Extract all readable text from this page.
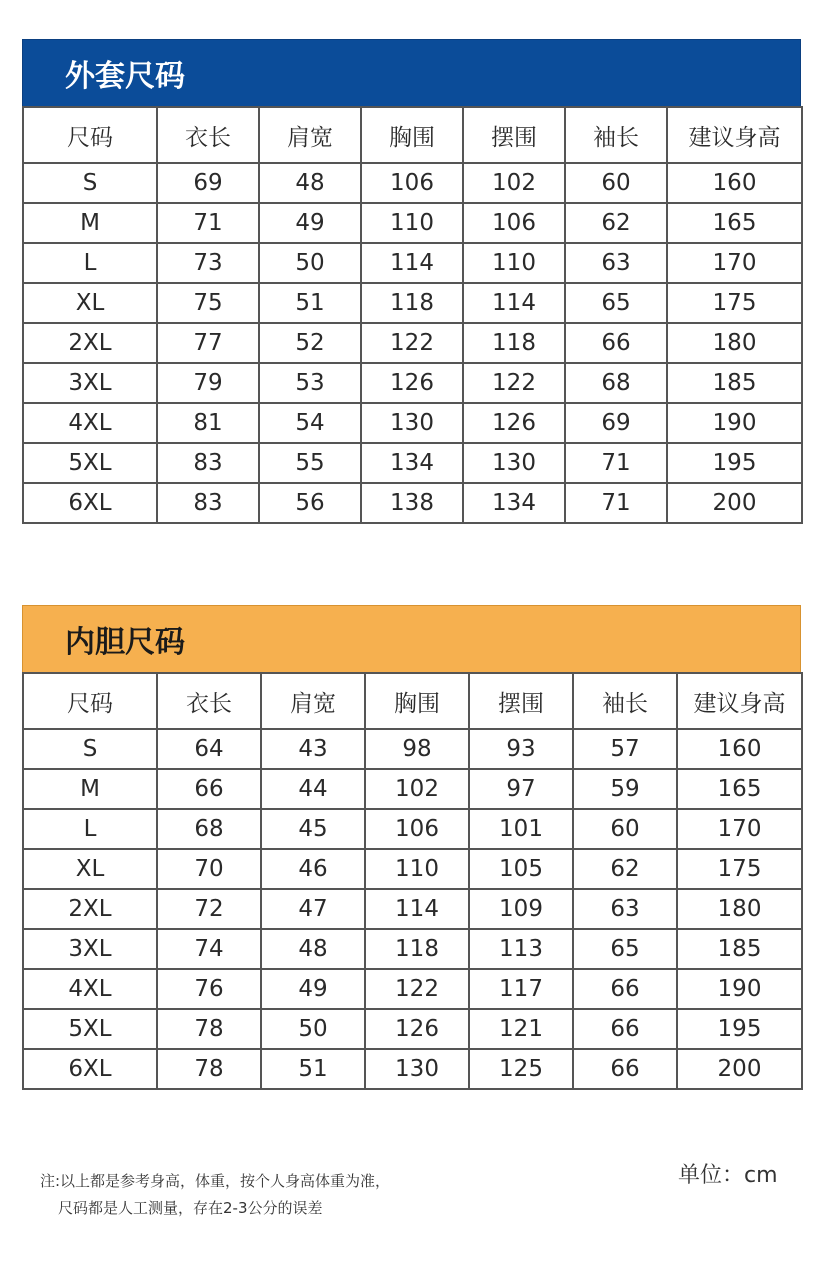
外套尺码
尺码	衣长	肩宽	胸围	摆围	袖长	建议身高
S	69	48	106	102	60	160
M	71	49	110	106	62	165
L	73	50	114	110	63	170
XL	75	51	118	114	65	175
2XL	77	52	122	118	66	180
3XL	79	53	126	122	68	185
4XL	81	54	130	126	69	190
5XL	83	55	134	130	71	195
6XL	83	56	138	134	71	200
内胆尺码
尺码	衣长	肩宽	胸围	摆围	袖长	建议身高
S	64	43	98	93	57	160
M	66	44	102	97	59	165
L	68	45	106	101	60	170
XL	70	46	110	105	62	175
2XL	72	47	114	109	63	180
3XL	74	48	118	113	65	185
4XL	76	49	122	117	66	190
5XL	78	50	126	121	66	195
6XL	78	51	130	125	66	200
注:以上都是参考身高，体重，按个人身高体重为准，
尺码都是人工测量，存在2-3公分的误差
单位：cm
